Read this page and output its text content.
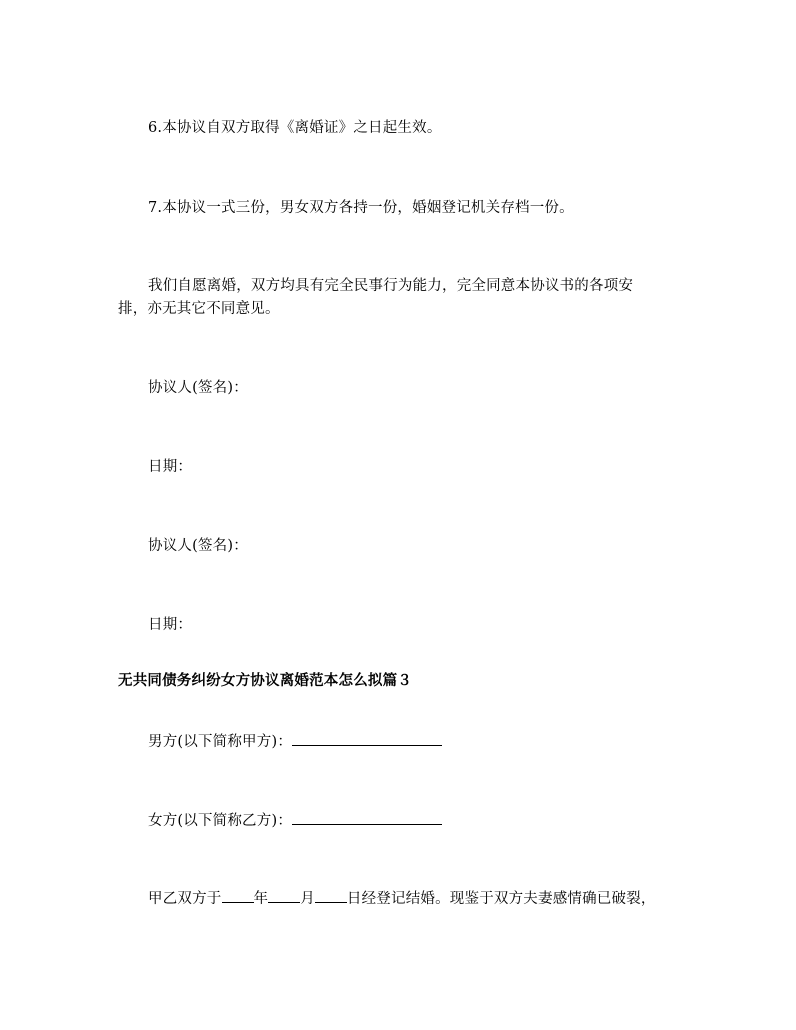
6.本协议自双方取得《离婚证》之日起生效。
7.本协议一式三份，男女双方各持一份，婚姻登记机关存档一份。
我们自愿离婚，双方均具有完全民事行为能力，完全同意本协议书的各项安
排，亦无其它不同意见。
协议人(签名)：
日期：
协议人(签名)：
日期：
无共同债务纠纷女方协议离婚范本怎么拟篇３
男方(以下简称甲方)：
女方(以下简称乙方)：
甲乙双方于 年 月 日经登记结婚。现鉴于双方夫妻感情确已破裂，
